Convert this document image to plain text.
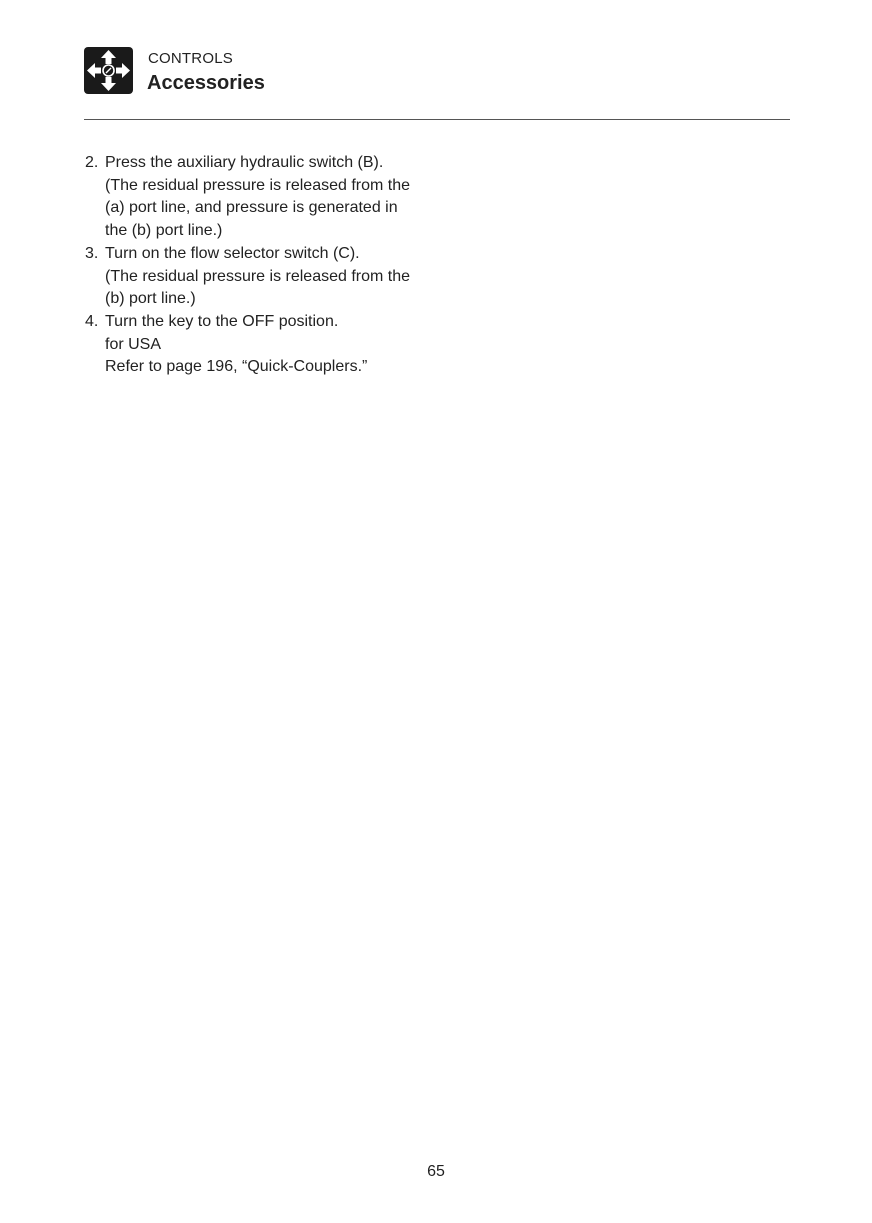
CONTROLS
Accessories
2. Press the auxiliary hydraulic switch (B).
(The residual pressure is released from the
(a) port line, and pressure is generated in
the (b) port line.)
3. Turn on the flow selector switch (C).
(The residual pressure is released from the
(b) port line.)
4. Turn the key to the OFF position.
for USA
Refer to page 196, “Quick-Couplers.”
65
